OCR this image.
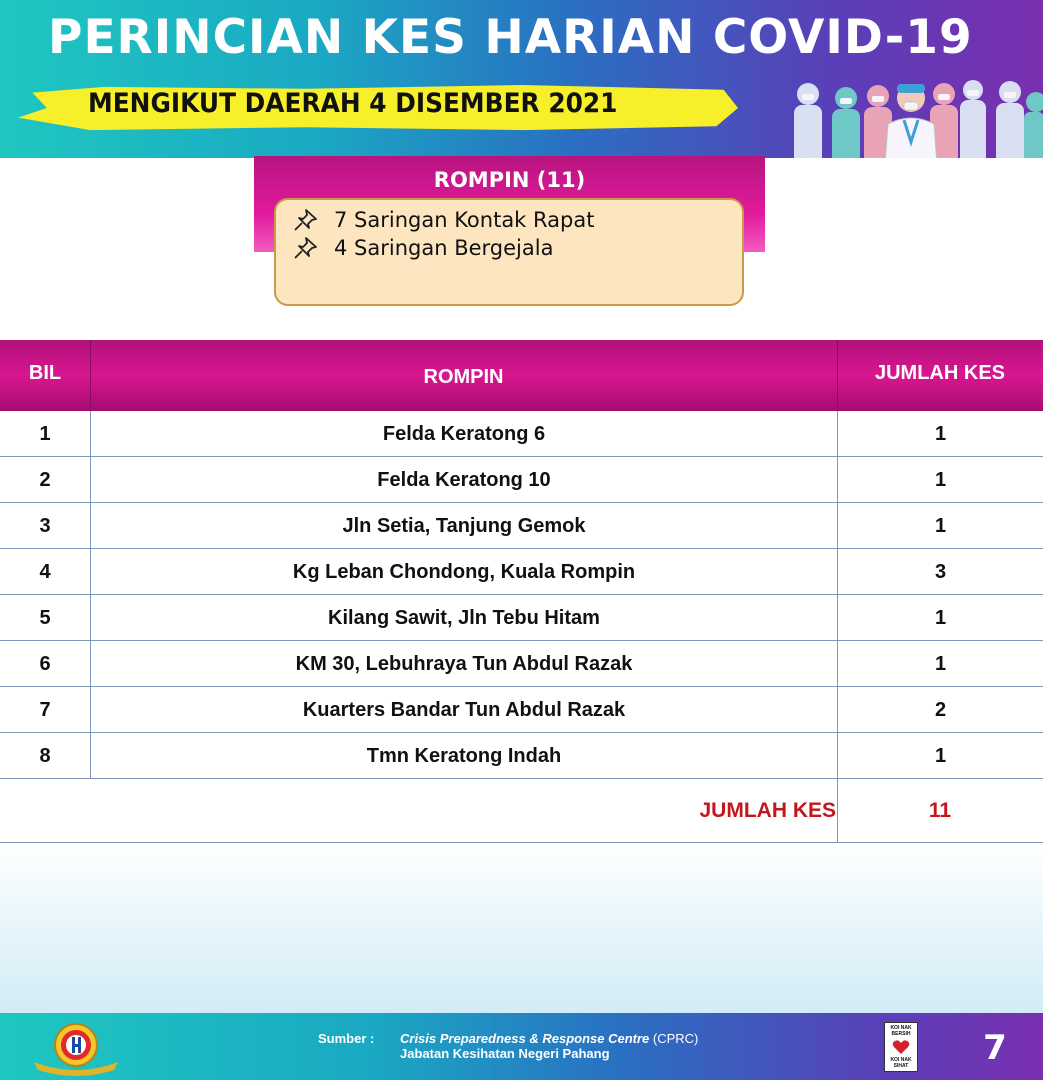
PERINCIAN KES HARIAN COVID-19
MENGIKUT DAERAH 4 DISEMBER 2021
ROMPIN (11)
7 Saringan Kontak Rapat
4 Saringan Bergejala
BIL	ROMPIN	JUMLAH KES
1	Felda Keratong 6	1
2	Felda Keratong 10	1
3	Jln Setia, Tanjung Gemok	1
4	Kg Leban Chondong, Kuala Rompin	3
5	Kilang Sawit, Jln Tebu Hitam	1
6	KM 30, Lebuhraya Tun Abdul Razak	1
7	Kuarters Bandar Tun Abdul Razak	2
8	Tmn Keratong Indah	1
JUMLAH KES	11
Sumber : Crisis Preparedness & Response Centre (CPRC)
Jabatan Kesihatan Negeri Pahang
KOI NAK
BERSIH
KOI NAK
SIHAT	7
